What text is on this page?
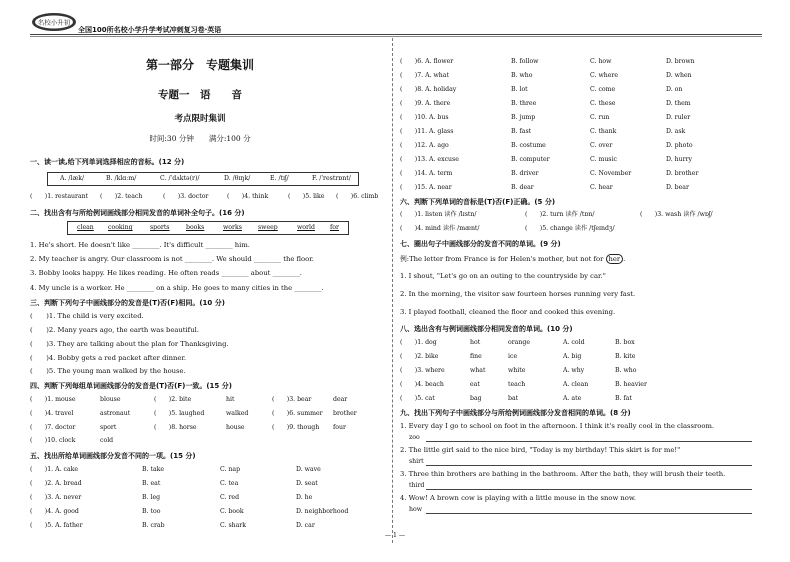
名校小升初
全国100所名校小学升学考试冲刺复习卷·英语
第一部分　专题集训
专题一　语　　音
考点限时集训
时间:30 分钟　　满分:100 分
一、读一读,给下列单词选择相应的音标。(12 分)
A. /læk/	B. /klɑːm/	C. /ˈdʌktə(r)/	D. /θɪŋk/	E. /tɪʃ/	F. /ˈrestrɒnt/
(　　)1. restaurant (　　)2. teach	(　　)3. doctor	(　　)4. think	(　　)5. like (　　)6. climb
二、找出含有与所给例词画线部分相同发音的单词补全句子。(16 分)
clean cooking	sports	books	works	sweep	world for
1. He's short. He doesn't like ________. It's difficult ________ him.
2. My teacher is angry. Our classroom is not ________. We should ________ the floor.
3. Bobby looks happy. He likes reading. He often reads ________ about ________.
4. My uncle is a worker. He ________ on a ship. He goes to many cities in the ________.
三、判断下列句子中画线部分的发音是(T)否(F)相同。(10 分)
(　　)1. The child is very excited.
(　　)2. Many years ago, the earth was beautiful.
(　　)3. They are talking about the plan for Thanksgiving.
(　　)4. Bobby gets a red packet after dinner.
(　　)5. The young man walked by the house.
四、判断下列每组单词画线部分的发音是(T)否(F)一致。(15 分)
(　　)1. mouse	blouse	(　　)2. bite	hit	(　　)3. bear	dear
(　　)4. travel	astronaut	(　　)5. laughed	walked	(　　)6. summer brother
(　　)7. doctor	sport	(　　)8. horse	house	(　　)9. though four
(　　)10. clock	cold
五、找出所给单词画线部分发音不同的一项。(15 分)
(　　)1. A. cake	B. take	C. nap	D. wave
(　　)2. A. bread	B. eat	C. tea	D. seat
(　　)3. A. never	B. leg	C. red	D. he
(　　)4. A. good	B. too	C. book	D. neighborhood
(　　)5. A. father	B. crab	C. shark	D. car
(　　)6. A. flower	B. follow	C. how	D. brown
(　　)7. A. what	B. who	C. where	D. when
(　　)8. A. holiday	B. lot	C. come	D. on
(　　)9. A. there	B. three	C. these	D. them
(　　)10. A. bus	B. jump	C. run	D. ruler
(　　)11. A. glass	B. fast	C. thank	D. ask
(　　)12. A. ago	B. costume	C. over	D. photo
(　　)13. A. excuse	B. computer	C. music	D. hurry
(　　)14. A. term	B. driver	C. November	D. brother
(　　)15. A. near	B. dear	C. hear	D. bear
六、判断下列单词的音标是(T)否(F)正确。(5 分)
(　　)1. listen 读作 /lɪstn/	(　　)2. turn 读作 /tɒn/	(　　)3. wash 读作 /wɒʃ/
(　　)4. mind 读作 /mænt/	(　　)5. change 读作 /tʃeɪndʒ/
七、圈出句子中画线部分的发音不同的单词。(9 分)
例:The letter from France is for Helen's mother, but not for her .
1. I shout, "Let's go on an outing to the countryside by car."
2. In the morning, the visitor saw fourteen horses running very fast.
3. I played football, cleaned the floor and cooked this evening.
八、选出含有与例词画线部分相同发音的单词。(10 分)
(　　)1. dog	hot	orange	A. cold	B. box
(　　)2. bike	fine	ice	A. big	B. kite
(　　)3. where	what	white	A. why	B. who
(　　)4. beach	eat	teach	A. clean	B. heavier
(　　)5. cat	bag	bat	A. ate	B. fat
九、找出下列句子中画线部分与所给例词画线部分发音相同的单词。(8 分)
1. Every day I go to school on foot in the afternoon. I think it's really cool in the classroom.
zoo
2. The little girl said to the nice bird, "Today is my birthday! This skirt is for me!"
shirt
3. Three thin brothers are bathing in the bathroom. After the bath, they will brush their teeth.
third
4. Wow! A brown cow is playing with a little mouse in the snow now.
how
— 1 —
